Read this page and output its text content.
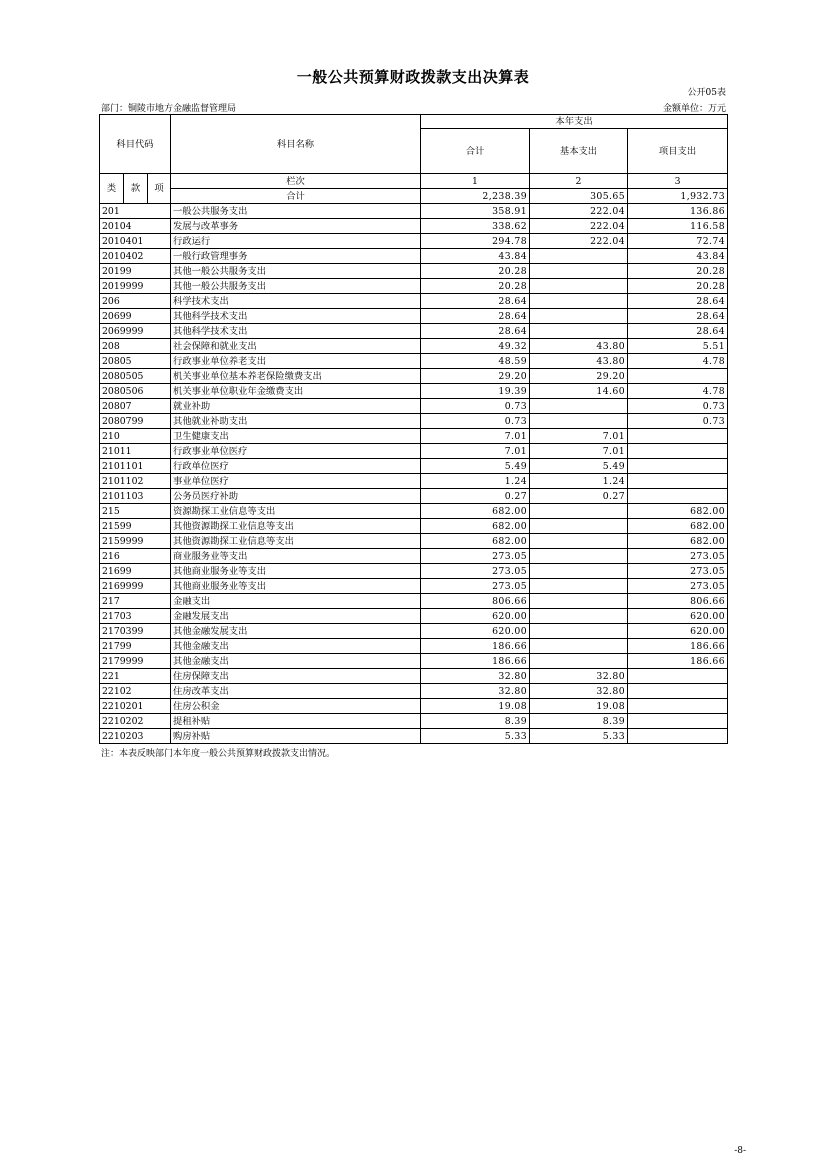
一般公共预算财政拨款支出决算表
公开05表
部门：铜陵市地方金融监督管理局	金额单位：万元
科目代码			科目名称	本年支出		
				合计	基本支出	项目支出
类	款	项	栏次	1	2	3
			合计	2,238.39	305.65	1,932.73
201			一般公共服务支出	358.91	222.04	136.86
20104			发展与改革事务	338.62	222.04	116.58
2010401			行政运行	294.78	222.04	72.74
2010402			一般行政管理事务	43.84		43.84
20199			其他一般公共服务支出	20.28		20.28
2019999			其他一般公共服务支出	20.28		20.28
206			科学技术支出	28.64		28.64
20699			其他科学技术支出	28.64		28.64
2069999			其他科学技术支出	28.64		28.64
208			社会保障和就业支出	49.32	43.80	5.51
20805			行政事业单位养老支出	48.59	43.80	4.78
2080505			机关事业单位基本养老保险缴费支出	29.20	29.20	
2080506			机关事业单位职业年金缴费支出	19.39	14.60	4.78
20807			就业补助	0.73		0.73
2080799			其他就业补助支出	0.73		0.73
210			卫生健康支出	7.01	7.01	
21011			行政事业单位医疗	7.01	7.01	
2101101			行政单位医疗	5.49	5.49	
2101102			事业单位医疗	1.24	1.24	
2101103			公务员医疗补助	0.27	0.27	
215			资源勘探工业信息等支出	682.00		682.00
21599			其他资源勘探工业信息等支出	682.00		682.00
2159999			其他资源勘探工业信息等支出	682.00		682.00
216			商业服务业等支出	273.05		273.05
21699			其他商业服务业等支出	273.05		273.05
2169999			其他商业服务业等支出	273.05		273.05
217			金融支出	806.66		806.66
21703			金融发展支出	620.00		620.00
2170399			其他金融发展支出	620.00		620.00
21799			其他金融支出	186.66		186.66
2179999			其他金融支出	186.66		186.66
221			住房保障支出	32.80	32.80	
22102			住房改革支出	32.80	32.80	
2210201			住房公积金	19.08	19.08	
2210202			提租补贴	8.39	8.39	
2210203			购房补贴	5.33	5.33	
注：本表反映部门本年度一般公共预算财政拨款支出情况。
-8-
